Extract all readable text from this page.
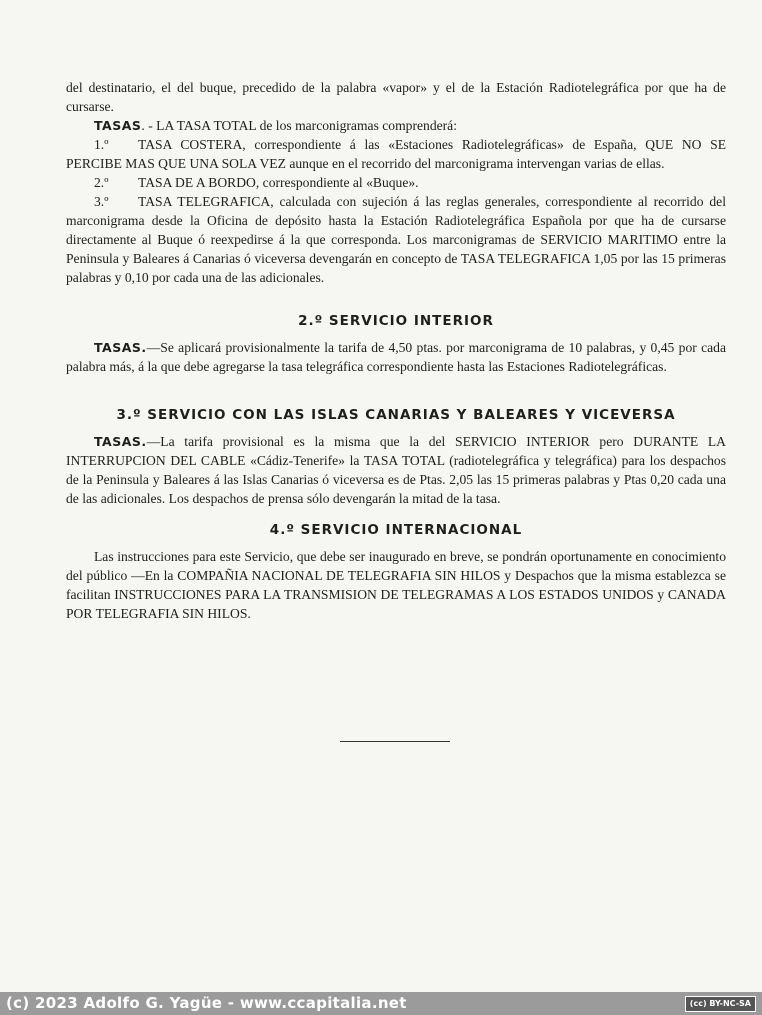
del destinatario, el del buque, precedido de la palabra «vapor» y el de la Estación Radiotelegráfica por que ha de cursarse.

TASAS. - LA TASA TOTAL de los marconigramas comprenderá:

1.º TASA COSTERA, correspondiente á las «Estaciones Radiotelegráficas» de España, QUE NO SE PERCIBE MAS QUE UNA SOLA VEZ aunque en el recorrido del marconigrama intervengan varias de ellas.

2.º TASA DE A BORDO, correspondiente al «Buque».

3.º TASA TELEGRAFICA, calculada con sujeción á las reglas generales, correspondiente al recorrido del marconigrama desde la Oficina de depósito hasta la Estación Radiotelegráfica Española por que ha de cursarse directamente al Buque ó reexpedirse á la que corresponda. Los marconigramas de SERVICIO MARITIMO entre la Peninsula y Baleares á Canarias ó viceversa devengarán en concepto de TASA TELEGRAFICA 1,05 por las 15 primeras palabras y 0,10 por cada una de las adicionales.

2.º SERVICIO INTERIOR

TASAS.—Se aplicará provisionalmente la tarifa de 4,50 ptas. por marconigrama de 10 palabras, y 0,45 por cada palabra más, á la que debe agregarse la tasa telegráfica correspondiente hasta las Estaciones Radiotelegráficas.

3.º SERVICIO CON LAS ISLAS CANARIAS Y BALEARES Y VICEVERSA

TASAS.—La tarifa provisional es la misma que la del SERVICIO INTERIOR pero DURANTE LA INTERRUPCION DEL CABLE «Cádiz-Tenerife» la TASA TOTAL (radiotelegráfica y telegráfica) para los despachos de la Peninsula y Baleares á las Islas Canarias ó viceversa es de Ptas. 2,05 las 15 primeras palabras y Ptas 0,20 cada una de las adicionales. Los despachos de prensa sólo devengarán la mitad de la tasa.

4.º SERVICIO INTERNACIONAL

Las instrucciones para este Servicio, que debe ser inaugurado en breve, se pondrán oportunamente en conocimiento del público —En la COMPAÑIA NACIONAL DE TELEGRAFIA SIN HILOS y Despachos que la misma establezca se facilitan INSTRUCCIONES PARA LA TRANSMISION DE TELEGRAMAS A LOS ESTADOS UNIDOS y CANADA POR TELEGRAFIA SIN HILOS.

(c) 2023 Adolfo G. Yagüe - www.ccapitalia.net	(cc) BY-NC-SA
